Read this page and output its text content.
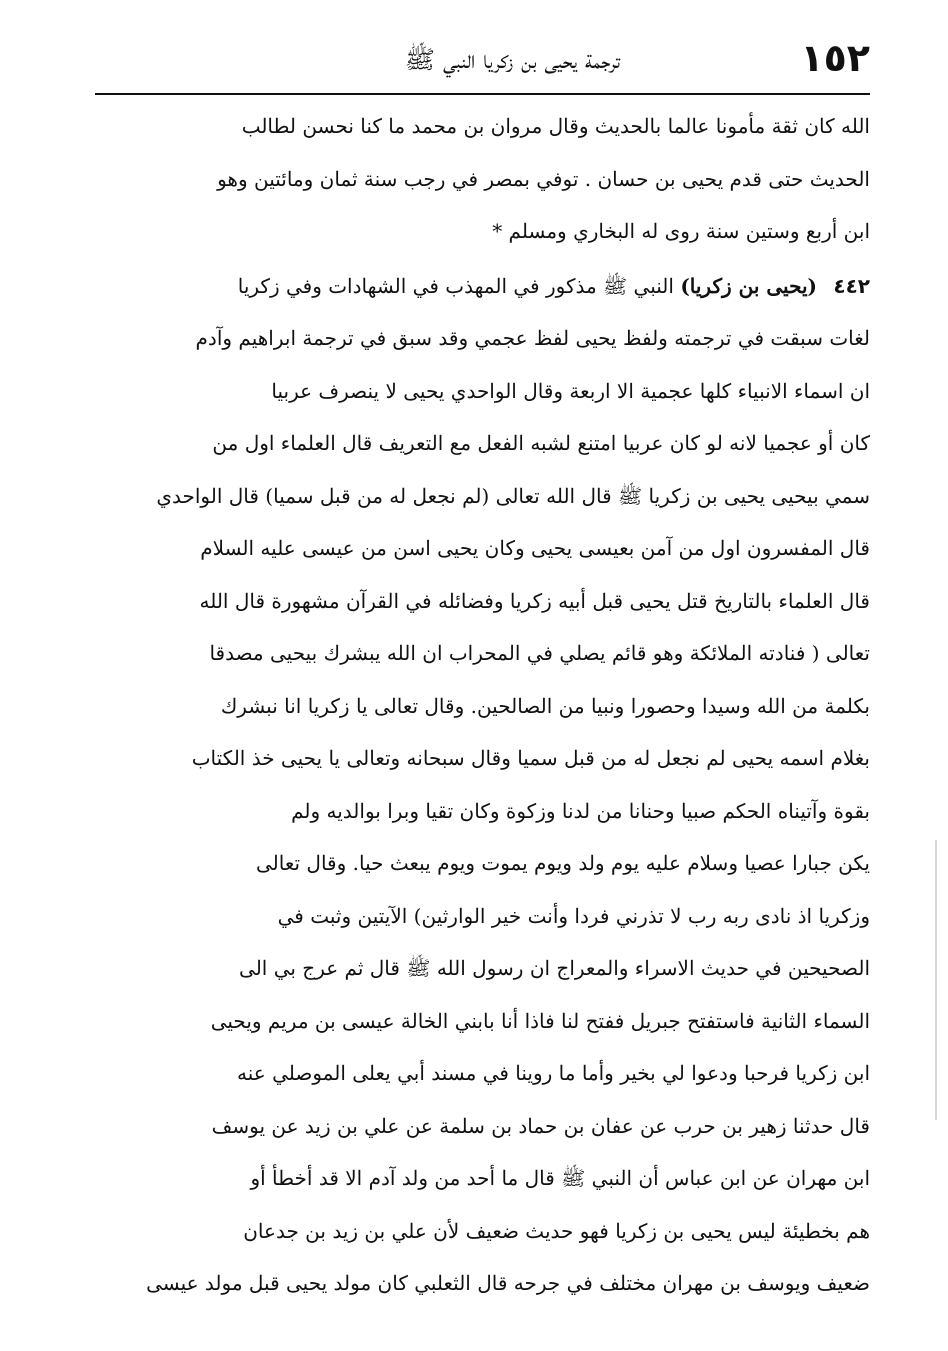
١٥٢
ترجمة يحيى بن زكريا النبي ﷺ
الله كان ثقة مأمونا عالما بالحديث وقال مروان بن محمد ما كنا نحسن لطالب
الحديث حتى قدم يحيى بن حسان . توفي بمصر في رجب سنة ثمان ومائتين وهو
ابن أربع وستين سنة روى له البخاري ومسلم *
٤٤٢ (يحيى بن زكريا) النبي ﷺ مذكور في المهذب في الشهادات وفي زكريا
لغات سبقت في ترجمته ولفظ يحيى لفظ عجمي وقد سبق في ترجمة ابراهيم وآدم
ان اسماء الانبياء كلها عجمية الا اربعة وقال الواحدي يحيى لا ينصرف عربيا
كان أو عجميا لانه لو كان عربيا امتنع لشبه الفعل مع التعريف قال العلماء اول من
سمي بيحيى يحيى بن زكريا ﷺ قال الله تعالى (لم نجعل له من قبل سميا) قال الواحدي
قال المفسرون اول من آمن بعيسى يحيى وكان يحيى اسن من عيسى عليه السلام
قال العلماء بالتاريخ قتل يحيى قبل أبيه زكريا وفضائله في القرآن مشهورة قال الله
تعالى ( فنادته الملائكة وهو قائم يصلي في المحراب ان الله يبشرك بيحيى مصدقا
بكلمة من الله وسيدا وحصورا ونبيا من الصالحين. وقال تعالى يا زكريا انا نبشرك
بغلام اسمه يحيى لم نجعل له من قبل سميا وقال سبحانه وتعالى يا يحيى خذ الكتاب
بقوة وآتيناه الحكم صبيا وحنانا من لدنا وزكوة وكان تقيا وبرا بوالديه ولم
يكن جبارا عصيا وسلام عليه يوم ولد ويوم يموت ويوم يبعث حيا. وقال تعالى
وزكريا اذ نادى ربه رب لا تذرني فردا وأنت خير الوارثين) الآيتين وثبت في
الصحيحين في حديث الاسراء والمعراج ان رسول الله ﷺ قال ثم عرج بي الى
السماء الثانية فاستفتح جبريل ففتح لنا فاذا أنا بابني الخالة عيسى بن مريم ويحيى
ابن زكريا فرحبا ودعوا لي بخير وأما ما روينا في مسند أبي يعلى الموصلي عنه
قال حدثنا زهير بن حرب عن عفان بن حماد بن سلمة عن علي بن زيد عن يوسف
ابن مهران عن ابن عباس أن النبي ﷺ قال ما أحد من ولد آدم الا قد أخطأ أو
هم بخطيئة ليس يحيى بن زكريا فهو حديث ضعيف لأن علي بن زيد بن جدعان
ضعيف ويوسف بن مهران مختلف في جرحه قال الثعلبي كان مولد يحيى قبل مولد عيسى
